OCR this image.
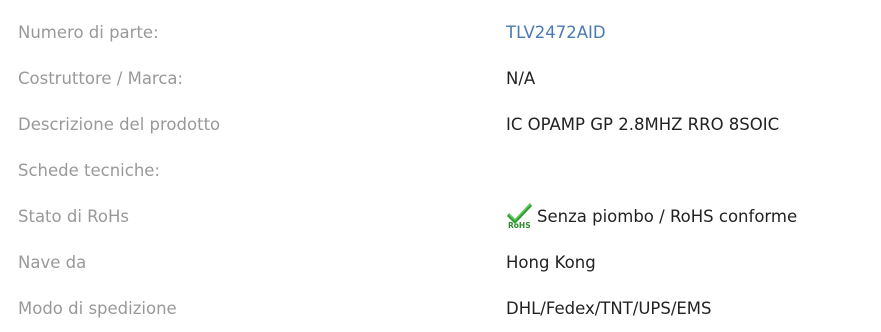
Numero di parte:	TLV2472AID
Costruttore / Marca:	N/A
Descrizione del prodotto	IC OPAMP GP 2.8MHZ RRO 8SOIC
Schede tecniche:
Stato di RoHs	RoHS Senza piombo / RoHS conforme
Nave da	Hong Kong
Modo di spedizione	DHL/Fedex/TNT/UPS/EMS
